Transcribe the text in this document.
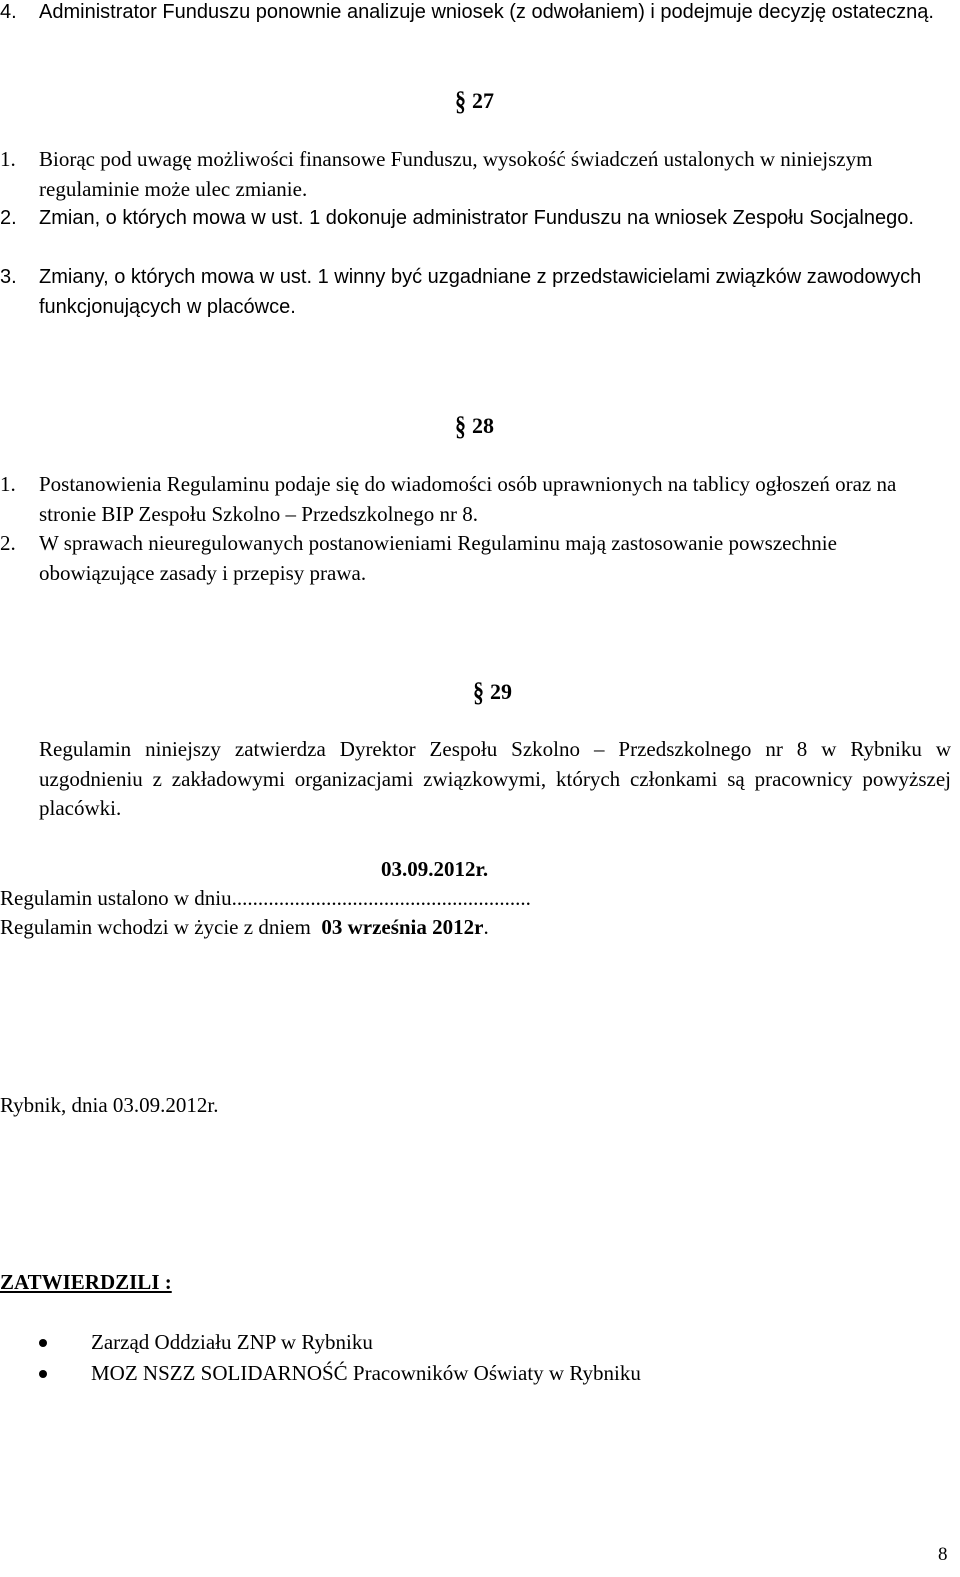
4.	Administrator Funduszu ponownie analizuje wniosek (z odwołaniem) i podejmuje decyzję ostateczną.
§ 27
1.	Biorąc pod uwagę możliwości finansowe Funduszu, wysokość świadczeń ustalonych w niniejszym regulaminie może ulec zmianie.
2.	Zmian, o których mowa w ust. 1 dokonuje administrator Funduszu na wniosek Zespołu Socjalnego.
3.	Zmiany, o których mowa w ust. 1 winny być uzgadniane z przedstawicielami związków zawodowych funkcjonujących w placówce.
§ 28
1.	Postanowienia Regulaminu podaje się do wiadomości osób uprawnionych na tablicy ogłoszeń oraz na stronie BIP Zespołu Szkolno – Przedszkolnego nr 8.
2.	W sprawach nieuregulowanych postanowieniami Regulaminu mają zastosowanie powszechnie obowiązujące zasady i przepisy prawa.
§ 29
Regulamin niniejszy zatwierdza Dyrektor Zespołu Szkolno – Przedszkolnego nr 8 w Rybniku w uzgodnieniu z zakładowymi organizacjami związkowymi, których członkami są pracownicy powyższej placówki.
03.09.2012r.
Regulamin ustalono w dniu.........................................................
Regulamin wchodzi w życie z dniem 03 września 2012r.
Rybnik, dnia 03.09.2012r.
ZATWIERDZILI :
Zarząd Oddziału ZNP w Rybniku
MOZ NSZZ SOLIDARNOŚĆ Pracowników Oświaty w Rybniku
8
